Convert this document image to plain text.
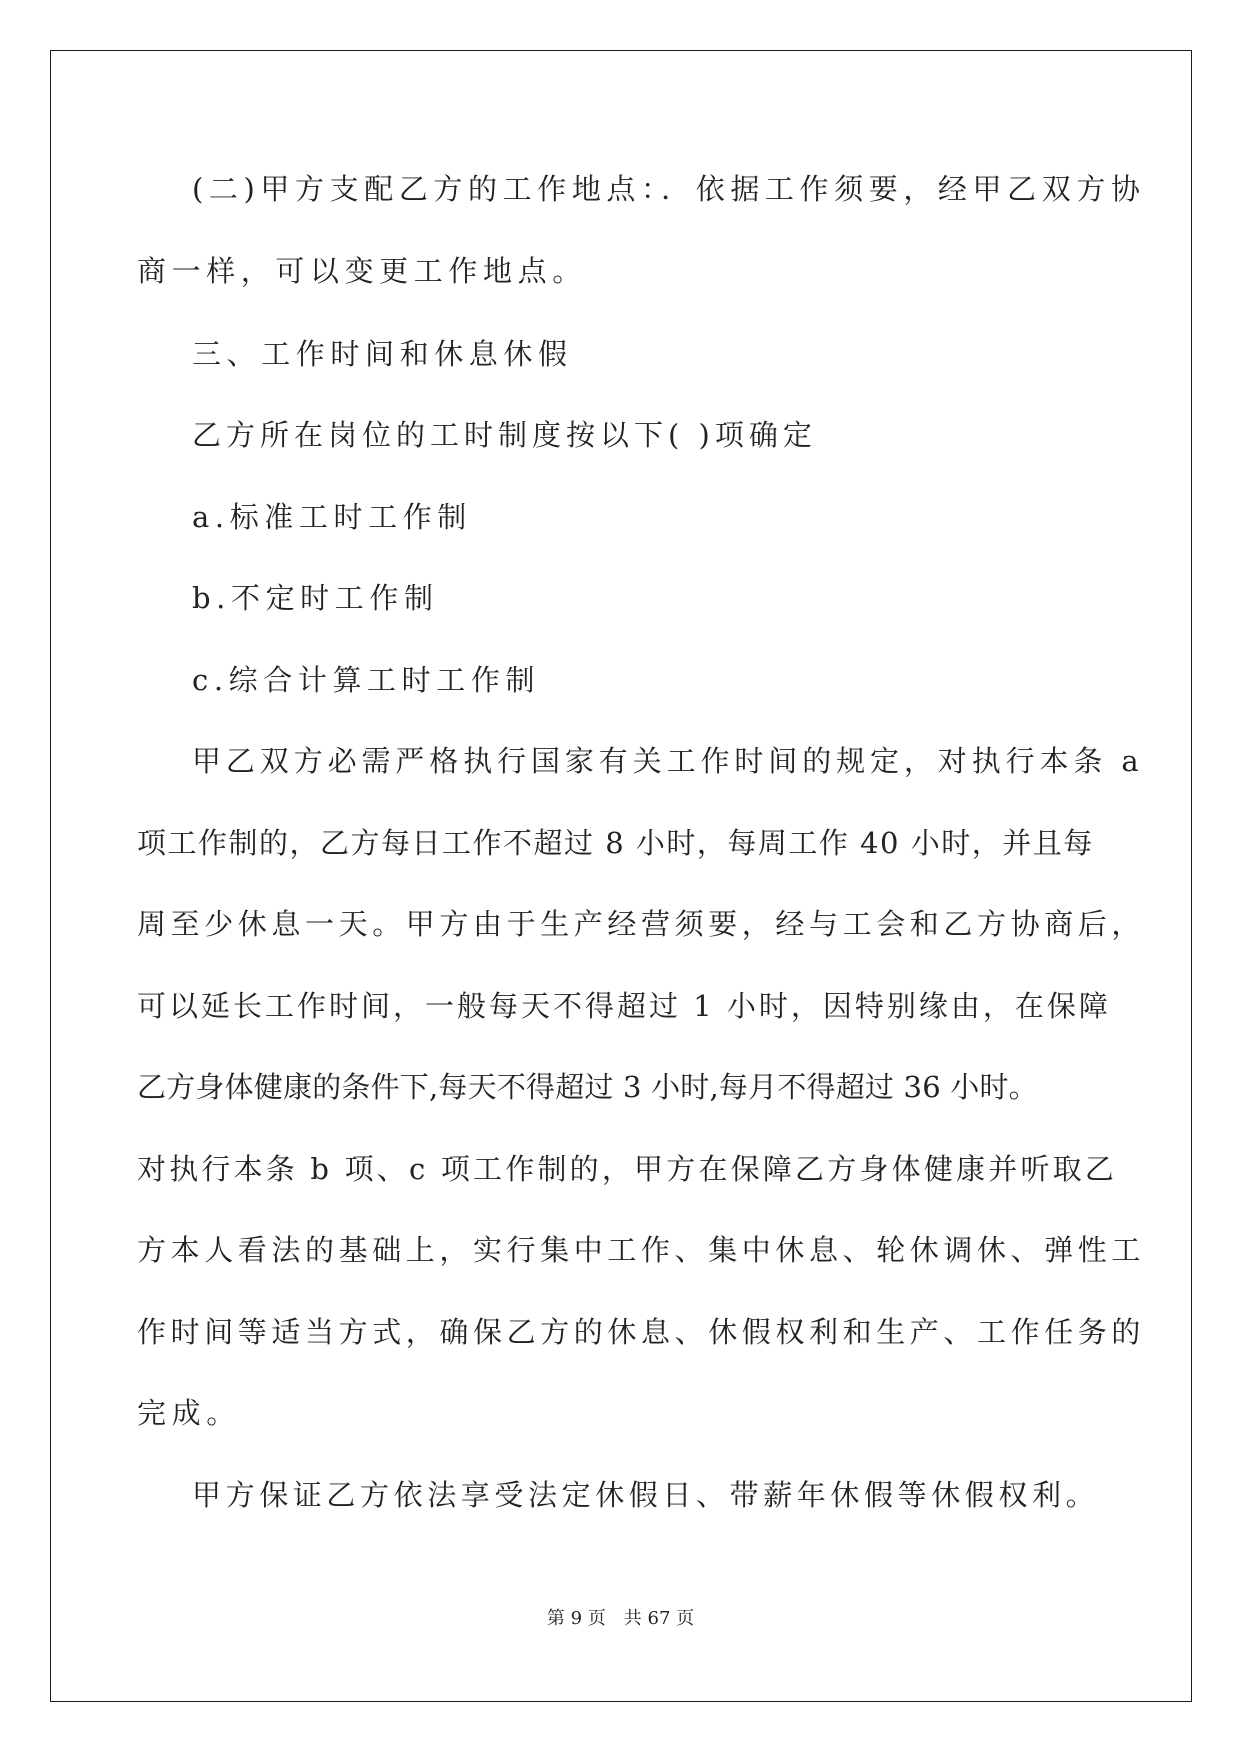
(二)甲方支配乙方的工作地点：．依据工作须要，经甲乙双方协

商一样，可以变更工作地点。

三、工作时间和休息休假

乙方所在岗位的工时制度按以下( )项确定

a.标准工时工作制

b.不定时工作制

c.综合计算工时工作制

甲乙双方必需严格执行国家有关工作时间的规定，对执行本条 a

项工作制的，乙方每日工作不超过 8 小时，每周工作 40 小时，并且每

周至少休息一天。甲方由于生产经营须要，经与工会和乙方协商后，

可以延长工作时间，一般每天不得超过 1 小时，因特别缘由，在保障

乙方身体健康的条件下,每天不得超过 3 小时,每月不得超过 36 小时。

对执行本条 b 项、c 项工作制的，甲方在保障乙方身体健康并听取乙

方本人看法的基础上，实行集中工作、集中休息、轮休调休、弹性工

作时间等适当方式，确保乙方的休息、休假权利和生产、工作任务的

完成。

甲方保证乙方依法享受法定休假日、带薪年休假等休假权利。

第 9 页 共 67 页
